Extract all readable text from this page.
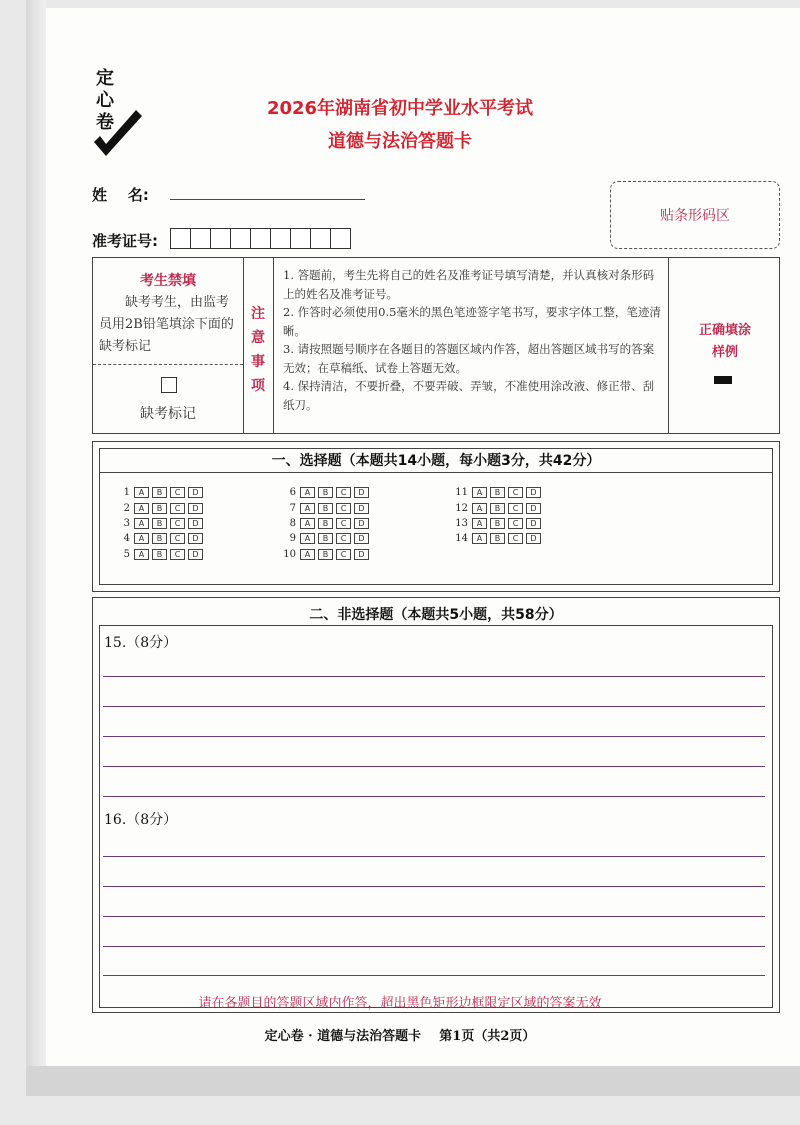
定心卷
2026年湖南省初中学业水平考试
道德与法治答题卡
姓    名:
准考证号:
贴条形码区
考生禁填
缺考考生，由监考员用2B铅笔填涂下面的缺考标记
缺考标记
注
意
事
项
1. 答题前，考生先将自己的姓名及准考证号填写清楚，并认真核对条形码上的姓名及准考证号。
2. 作答时必须使用0.5毫米的黑色笔迹签字笔书写，要求字体工整，笔迹清晰。
3. 请按照题号顺序在各题目的答题区域内作答，超出答题区域书写的答案无效；在草稿纸、试卷上答题无效。
4. 保持清洁，不要折叠，不要弄破、弄皱，不准使用涂改液、修正带、刮纸刀。
正确填涂
样例
一、选择题（本题共14小题，每小题3分，共42分）
1	A	B	C	D
2	A	B	C	D
3	A	B	C	D
4	A	B	C	D
5	A	B	C	D
6	A	B	C	D
7	A	B	C	D
8	A	B	C	D
9	A	B	C	D
10	A	B	C	D
11	A	B	C	D
12	A	B	C	D
13	A	B	C	D
14	A	B	C	D
二、非选择题（本题共5小题，共58分）
15.（8分）
16.（8分）
请在各题目的答题区域内作答，超出黑色矩形边框限定区域的答案无效
定心卷 · 道德与法治答题卡    第1页（共2页）
